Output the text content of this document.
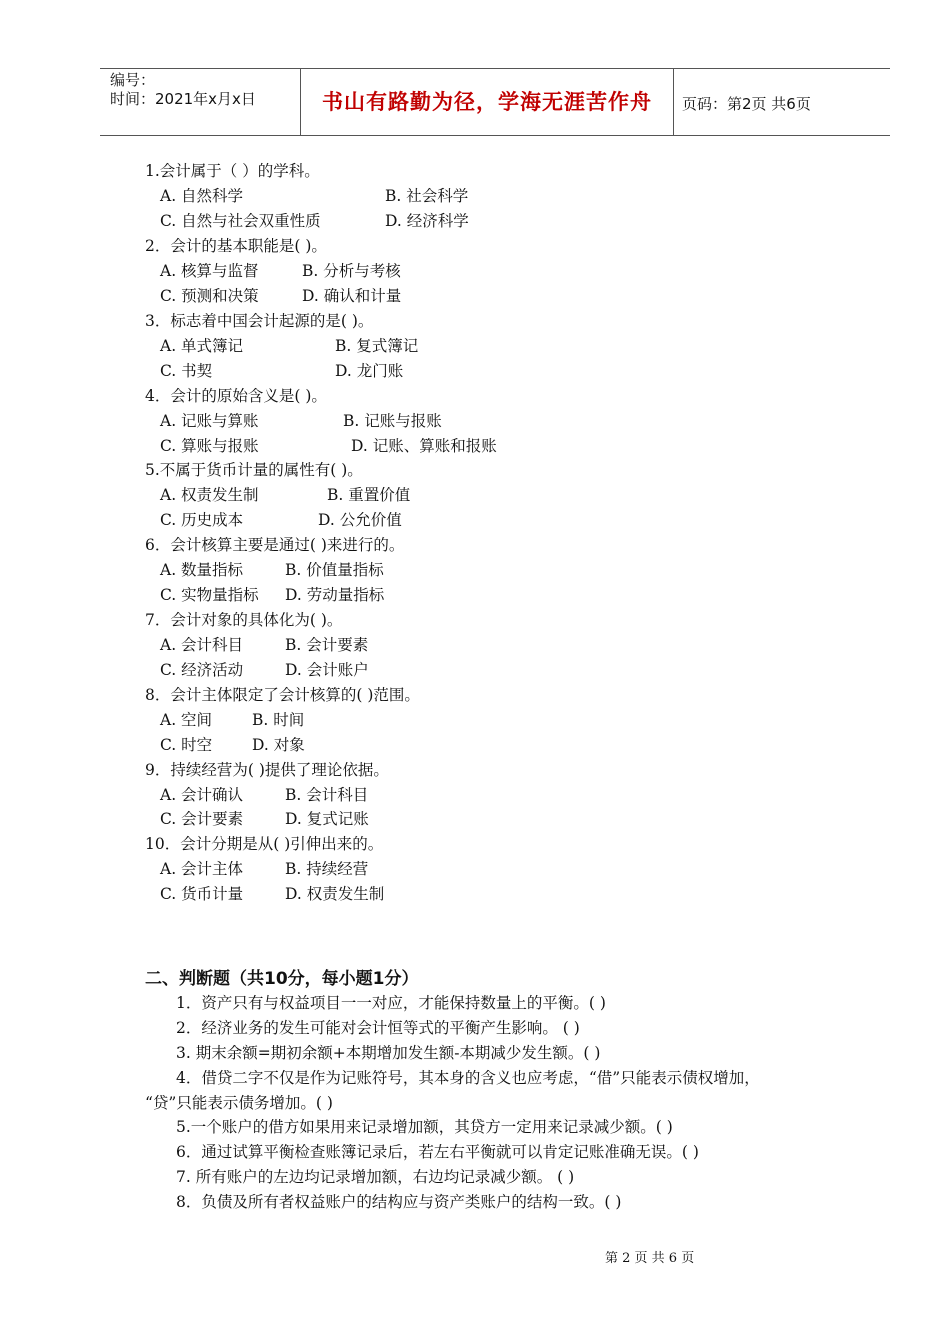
编号：
时间：2021年x月x日	书山有路勤为径，学海无涯苦作舟	页码：第2页 共6页
1.会计属于（ ）的学科。
A. 自然科学	B. 社会科学
C. 自然与社会双重性质	D. 经济科学
2．会计的基本职能是( )。
A. 核算与监督	B. 分析与考核
C. 预测和决策	D. 确认和计量
3．标志着中国会计起源的是( )。
A. 单式簿记	B. 复式簿记
C. 书契	D. 龙门账
4．会计的原始含义是( )。
A. 记账与算账	B. 记账与报账
C. 算账与报账	D. 记账、算账和报账
5.不属于货币计量的属性有( )。
A. 权责发生制	B. 重置价值
C. 历史成本	D. 公允价值
6．会计核算主要是通过( )来进行的。
A. 数量指标	B. 价值量指标
C. 实物量指标 D. 劳动量指标
7．会计对象的具体化为( )。
A. 会计科目	B. 会计要素
C. 经济活动	D. 会计账户
8．会计主体限定了会计核算的( )范围。
A. 空间	B. 时间
C. 时空	D. 对象
9．持续经营为( )提供了理论依据。
A. 会计确认	B. 会计科目
C. 会计要素	D. 复式记账
10．会计分期是从( )引伸出来的。
A. 会计主体	B. 持续经营
C. 货币计量	D. 权责发生制
二、判断题（共10分，每小题1分）
1．资产只有与权益项目一一对应，才能保持数量上的平衡。( )
2．经济业务的发生可能对会计恒等式的平衡产生影响。 ( )
3. 期末余额=期初余额+本期增加发生额-本期减少发生额。( )
4．借贷二字不仅是作为记账符号，其本身的含义也应考虑，“借”只能表示债权增加，
“贷”只能表示债务增加。( )
5.一个账户的借方如果用来记录增加额，其贷方一定用来记录减少额。( )
6．通过试算平衡检查账簿记录后，若左右平衡就可以肯定记账准确无误。( )
7. 所有账户的左边均记录增加额，右边均记录减少额。 ( )
8．负债及所有者权益账户的结构应与资产类账户的结构一致。( )
第 2 页 共 6 页
